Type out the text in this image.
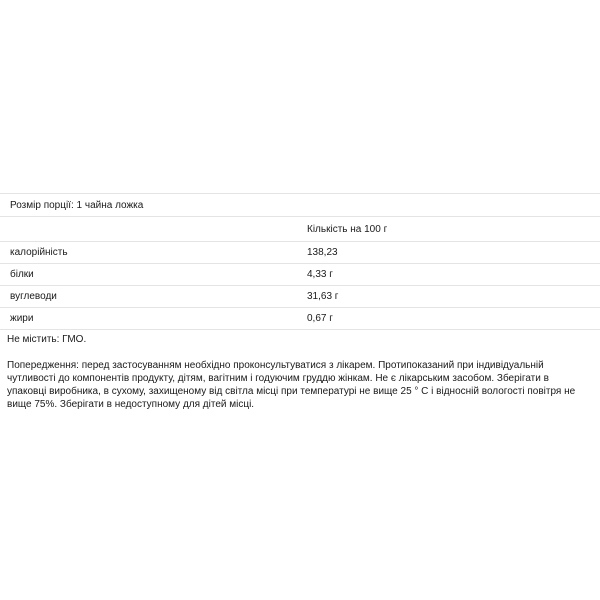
Розмір порції: 1 чайна ложка
Кількість на 100 г
калорійність	138,23
білки	4,33 г
вуглеводи	31,63 г
жири	0,67 г

Не містить: ГМО.

Попередження: перед застосуванням необхідно проконсультуватися з лікарем. Протипоказаний при індивідуальній чутливості до компонентів продукту, дітям, вагітним і годуючим груддю жінкам. Не є лікарським засобом. Зберігати в упаковці виробника, в сухому, захищеному від світла місці при температурі не вище 25 ° С і відносній вологості повітря не вище 75%. Зберігати в недоступному для дітей місці.
